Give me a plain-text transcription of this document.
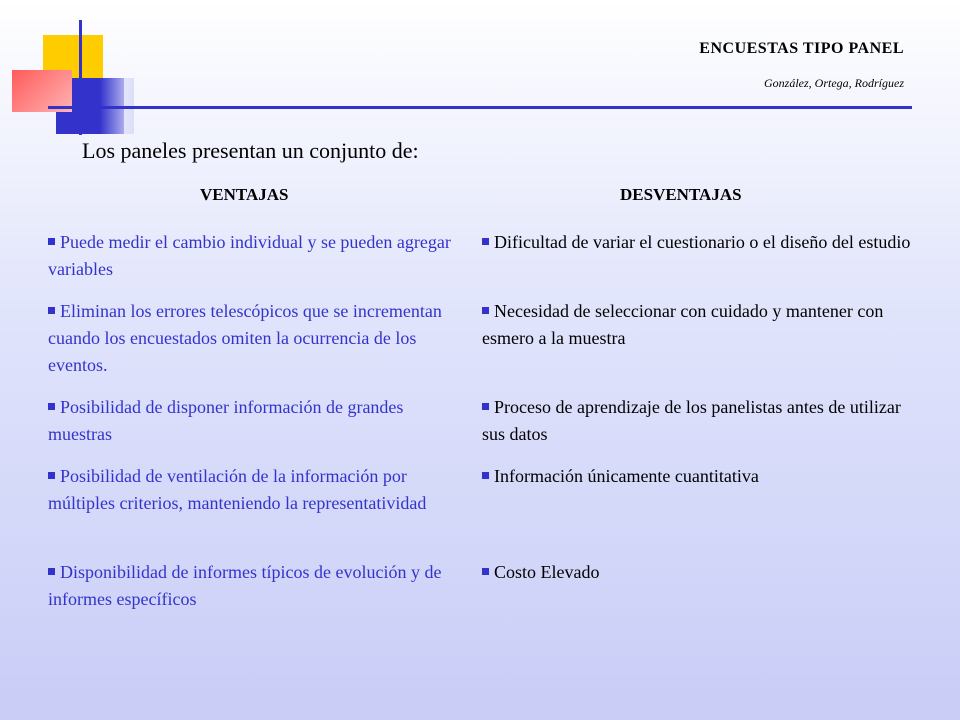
ENCUESTAS TIPO PANEL
González, Ortega, Rodríguez
Los paneles presentan un conjunto de:
VENTAJAS	DESVENTAJAS
Puede medir el cambio individual y se pueden agregar variables
Eliminan los errores telescópicos que se incrementan cuando los encuestados omiten la ocurrencia de los eventos.
Posibilidad de disponer información de grandes muestras
Posibilidad de ventilación de la información por múltiples criterios, manteniendo la representatividad
Disponibilidad de informes típicos de evolución y de informes específicos
Dificultad de variar el cuestionario o el diseño del estudio
Necesidad de seleccionar con cuidado y mantener con esmero a la muestra
Proceso de aprendizaje de los panelistas antes de utilizar sus datos
Información únicamente cuantitativa
Costo Elevado
